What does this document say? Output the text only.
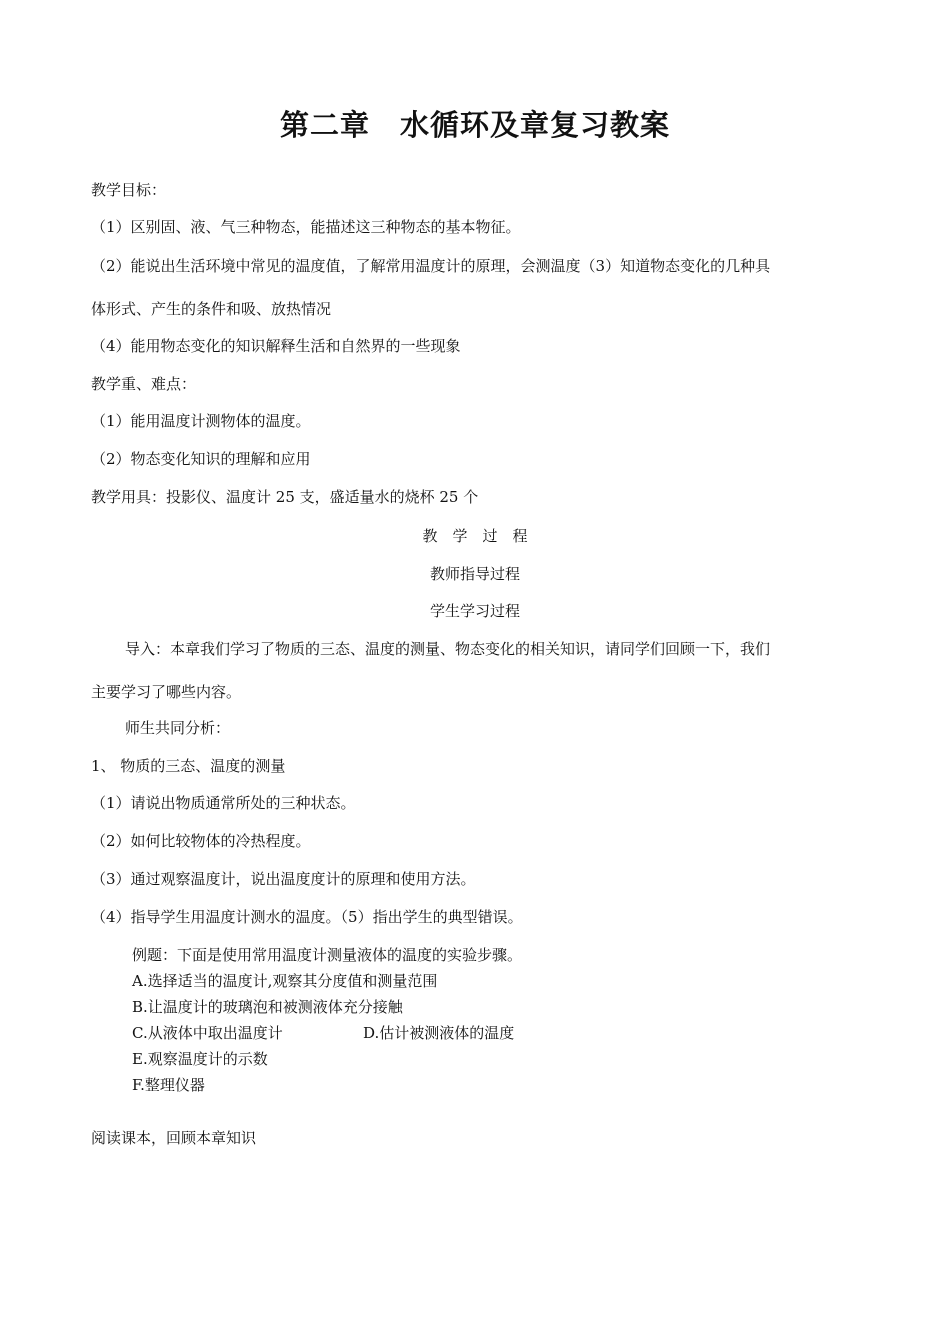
第二章　水循环及章复习教案
教学目标：
（1）区别固、液、气三种物态，能描述这三种物态的基本物征。
（2）能说出生活环境中常见的温度值，了解常用温度计的原理，会测温度（3）知道物态变化的几种具
体形式、产生的条件和吸、放热情况
（4）能用物态变化的知识解释生活和自然界的一些现象
教学重、难点：
（1）能用温度计测物体的温度。
（2）物态变化知识的理解和应用
教学用具：投影仪、温度计 25 支，盛适量水的烧杯 25 个
教　学　过　程
教师指导过程
学生学习过程
导入：本章我们学习了物质的三态、温度的测量、物态变化的相关知识，请同学们回顾一下，我们
主要学习了哪些内容。
师生共同分析：
1、 物质的三态、温度的测量
（1）请说出物质通常所处的三种状态。
（2）如何比较物体的冷热程度。
（3）通过观察温度计，说出温度度计的原理和使用方法。
（4）指导学生用温度计测水的温度。（5）指出学生的典型错误。
例题：下面是使用常用温度计测量液体的温度的实验步骤。
A.选择适当的温度计,观察其分度值和测量范围
B.让温度计的玻璃泡和被测液体充分接触
C.从液体中取出温度计	D.估计被测液体的温度
E.观察温度计的示数
F.整理仪器
阅读课本，回顾本章知识
